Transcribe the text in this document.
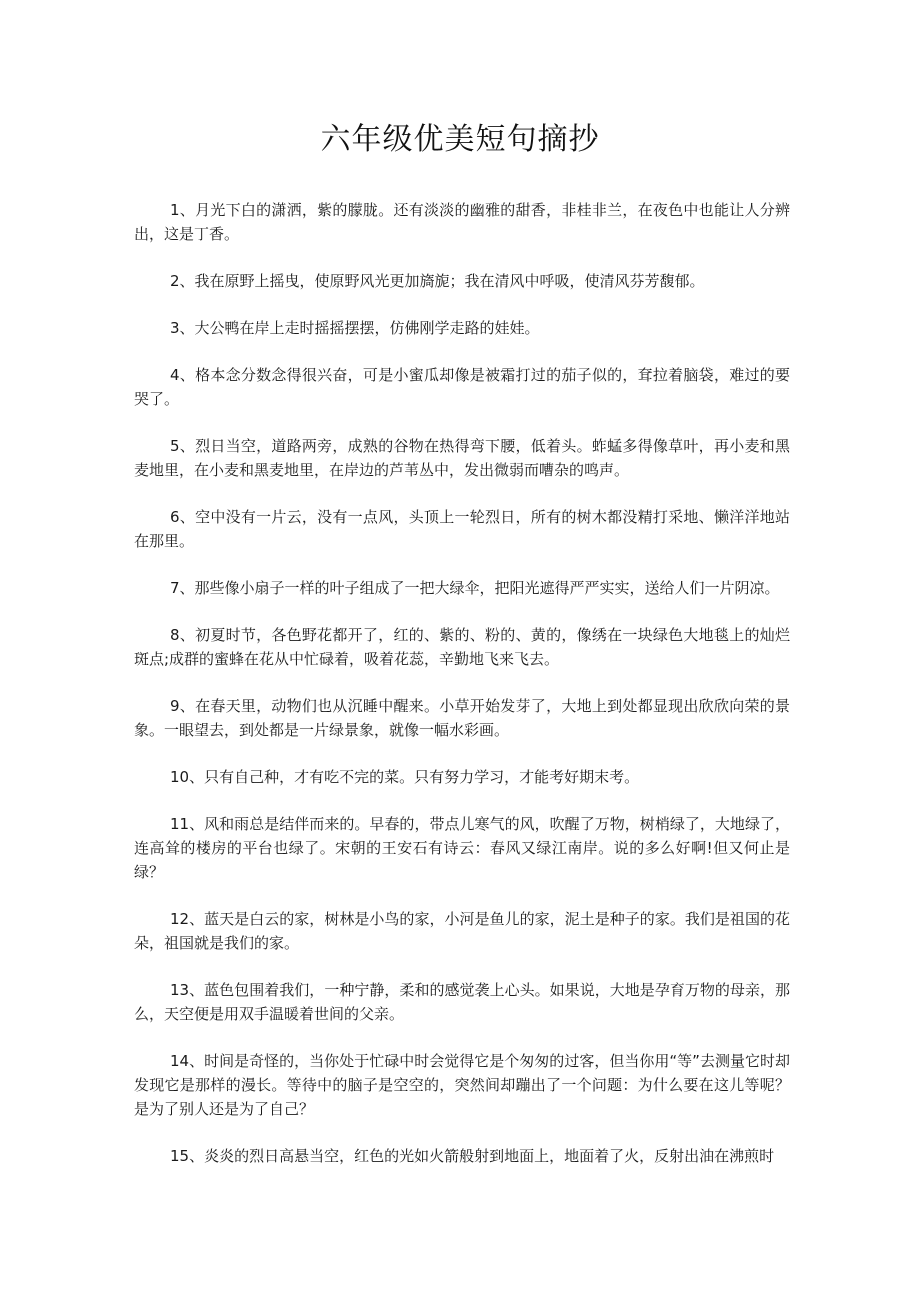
六年级优美短句摘抄

1、月光下白的潇洒，紫的朦胧。还有淡淡的幽雅的甜香，非桂非兰，在夜色中也能让人分辨出，这是丁香。

2、我在原野上摇曳，使原野风光更加旖旎；我在清风中呼吸，使清风芬芳馥郁。

3、大公鸭在岸上走时摇摇摆摆，仿佛刚学走路的娃娃。

4、格本念分数念得很兴奋，可是小蜜瓜却像是被霜打过的茄子似的，耷拉着脑袋，难过的要哭了。

5、烈日当空，道路两旁，成熟的谷物在热得弯下腰，低着头。蚱蜢多得像草叶，再小麦和黑麦地里，在小麦和黑麦地里，在岸边的芦苇丛中，发出微弱而嘈杂的鸣声。

6、空中没有一片云，没有一点风，头顶上一轮烈日，所有的树木都没精打采地、懒洋洋地站在那里。

7、那些像小扇子一样的叶子组成了一把大绿伞，把阳光遮得严严实实，送给人们一片阴凉。

8、初夏时节，各色野花都开了，红的、紫的、粉的、黄的，像绣在一块绿色大地毯上的灿烂斑点;成群的蜜蜂在花从中忙碌着，吸着花蕊，辛勤地飞来飞去。

9、在春天里，动物们也从沉睡中醒来。小草开始发芽了，大地上到处都显现出欣欣向荣的景象。一眼望去，到处都是一片绿景象，就像一幅水彩画。

10、只有自己种，才有吃不完的菜。只有努力学习，才能考好期末考。

11、风和雨总是结伴而来的。早春的，带点儿寒气的风，吹醒了万物，树梢绿了，大地绿了，连高耸的楼房的平台也绿了。宋朝的王安石有诗云：春风又绿江南岸。说的多么好啊!但又何止是绿？

12、蓝天是白云的家，树林是小鸟的家，小河是鱼儿的家，泥土是种子的家。我们是祖国的花朵，祖国就是我们的家。

13、蓝色包围着我们，一种宁静，柔和的感觉袭上心头。如果说，大地是孕育万物的母亲，那么，天空便是用双手温暖着世间的父亲。

14、时间是奇怪的，当你处于忙碌中时会觉得它是个匆匆的过客，但当你用“等”去测量它时却发现它是那样的漫长。等待中的脑子是空空的，突然间却蹦出了一个问题：为什么要在这儿等呢？是为了别人还是为了自己？

15、炎炎的烈日高悬当空，红色的光如火箭般射到地面上，地面着了火，反射出油在沸煎时
